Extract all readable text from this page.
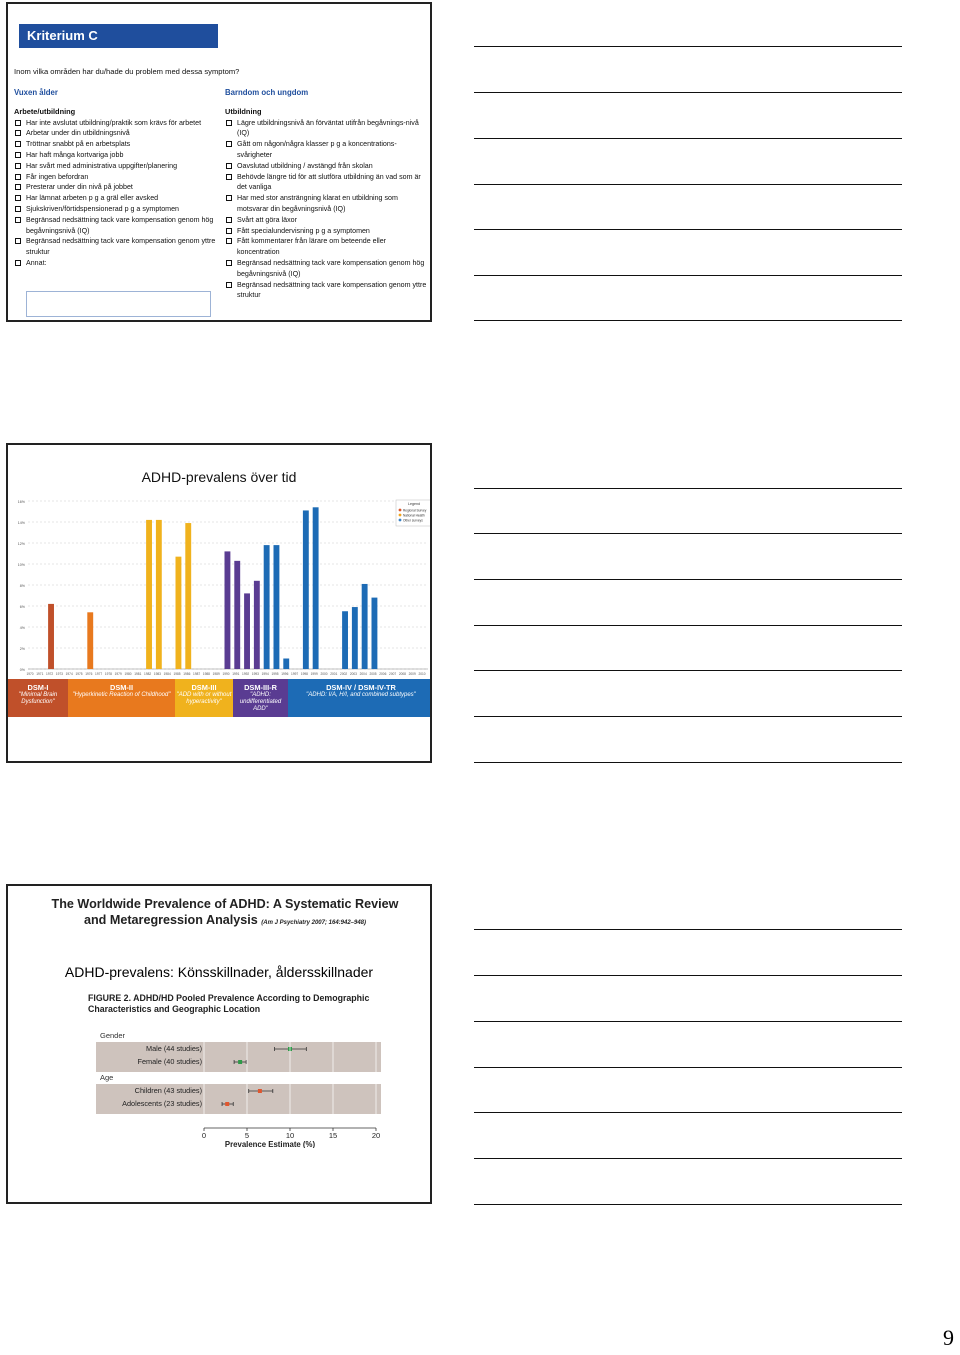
Kriterium C
Inom vilka områden har du/hade du problem med dessa symptom?
Vuxen ålder
Arbete/utbildning
Har inte avslutat utbildning/praktik som krävs för arbetet
Arbetar under din utbildningsnivå
Tröttnar snabbt på en arbetsplats
Har haft många kortvariga jobb
Har svårt med administrativa uppgifter/planering
Får ingen befordran
Presterar under din nivå på jobbet
Har lämnat arbeten p g a gräl eller avsked
Sjukskriven/förtidspensionerad p g a symptomen
Begränsad nedsättning tack vare kompensation genom hög begåvningsnivå (IQ)
Begränsad nedsättning tack vare kompensation genom yttre struktur
Annat:
Barndom och ungdom
Utbildning
Lägre utbildningsnivå än förväntat utifrån begåvnings-nivå (IQ)
Gått om någon/några klasser p g a koncentrations-svårigheter
Oavslutad utbildning / avstängd från skolan
Behövde längre tid för att slutföra utbildning än vad som är det vanliga
Har med stor ansträngning klarat en utbildning som motsvarar din begåvningsnivå (IQ)
Svårt att göra läxor
Fått specialundervisning p g a symptomen
Fått kommentarer från lärare om beteende eller koncentration
Begränsad nedsättning tack vare kompensation genom hög begåvningsnivå (IQ)
Begränsad nedsättning tack vare kompensation genom yttre struktur
ADHD-prevalens över tid
0%
2%
4%
6%
8%
10%
12%
14%
16%
1970 1971 1972 1973 1974 1975 1976 1977 1978 1979 1980 1981 1982 1983 1984 1985 1986 1987 1988 1989 1990 1991 1992 1993 1994 1995 1996 1997 1998 1999 2000 2001 2002 2003 2004 2005 2006 2007 2008 2009 2010
Legend
Regional Survey
National Health
Other surveys
DSM-I
"Minimal Brain Dysfunction"
DSM-II
"Hyperkinetic Reaction of Childhood"
DSM-III
"ADD with or without hyperactivity"
DSM-III-R
"ADHD: undifferentiated ADD"
DSM-IV / DSM-IV-TR
"ADHD: I/A, H/I, and combined subtypes"
The Worldwide Prevalence of ADHD: A Systematic Review
and Metaregression Analysis (Am J Psychiatry 2007; 164:942–948)
ADHD-prevalens: Könsskillnader, åldersskillnader
FIGURE 2. ADHD/HD Pooled Prevalence According to Demographic Characteristics and Geographic Location
Gender
Male (44 studies)
Female (40 studies)
Age
Children (43 studies)
Adolescents (23 studies)
0	5	10	15	20
Prevalence Estimate (%)
9
